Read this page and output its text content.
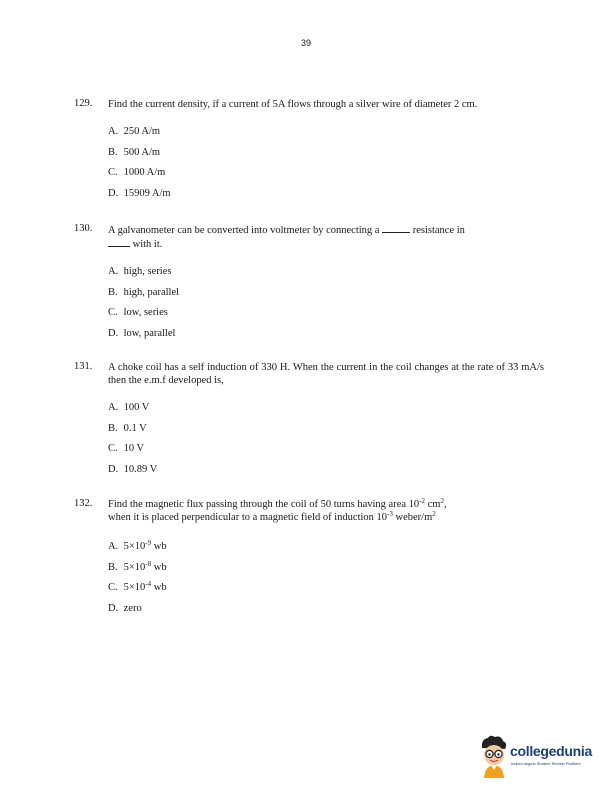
39
129.	Find the current density, if a current of 5A flows through a silver wire of diameter 2 cm.
A. 250 A/m
B. 500 A/m
C. 1000 A/m
D. 15909 A/m
130.	A galvanometer can be converted into voltmeter by connecting a	resistance in
with it.
A. high, series
B. high, parallel
C. low, series
D. low, parallel
131.	A choke coil has a self induction of 330 H. When the current in the coil changes at the rate of 33 mA/s then the e.m.f developed is,
A. 100 V
B. 0.1 V
C. 10 V
D. 10.89 V
132.	Find the magnetic flux passing through the coil of 50 turns having area $10^{-2}$ $cm^2$,
when it is placed perpendicular to a magnetic field of induction $10^{-3}$ weber/$m^2$
A. $5\times 10^{-9}$ wb
B. $5\times 10^{-8}$ wb
C. $5\times 10^{-4}$ wb
D. zero
collegedunia
India's largest Student Review Platform
